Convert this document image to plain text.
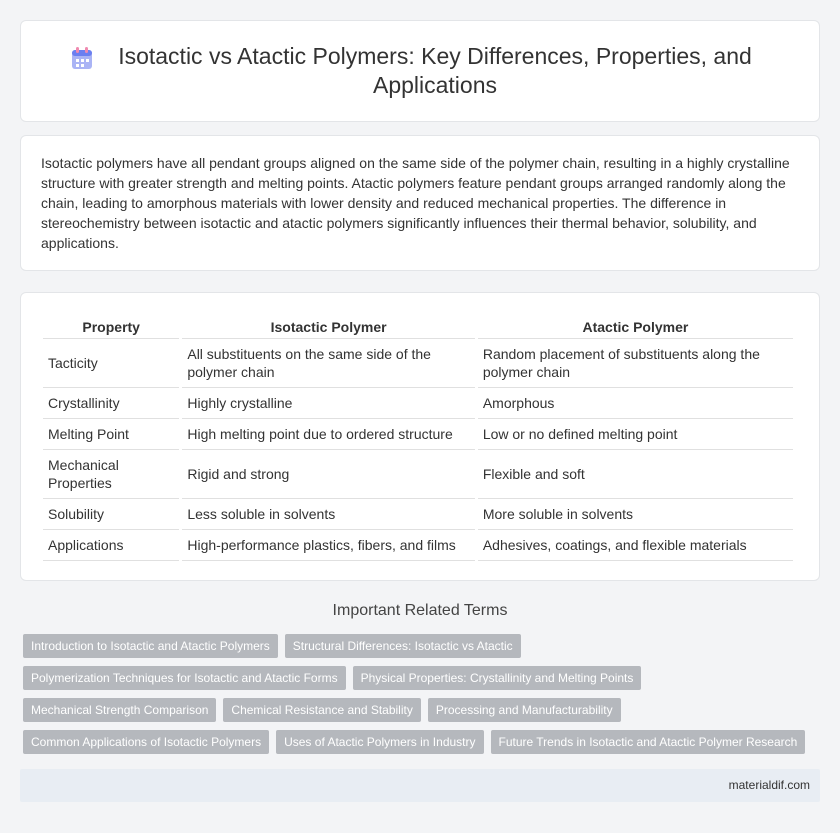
Isotactic vs Atactic Polymers: Key Differences, Properties, and Applications

Isotactic polymers have all pendant groups aligned on the same side of the polymer chain, resulting in a highly crystalline structure with greater strength and melting points. Atactic polymers feature pendant groups arranged randomly along the chain, leading to amorphous materials with lower density and reduced mechanical properties. The difference in stereochemistry between isotactic and atactic polymers significantly influences their thermal behavior, solubility, and applications.

Property	Isotactic Polymer	Atactic Polymer
Tacticity	All substituents on the same side of the polymer chain	Random placement of substituents along the polymer chain
Crystallinity	Highly crystalline	Amorphous
Melting Point	High melting point due to ordered structure	Low or no defined melting point
Mechanical Properties	Rigid and strong	Flexible and soft
Solubility	Less soluble in solvents	More soluble in solvents
Applications	High-performance plastics, fibers, and films	Adhesives, coatings, and flexible materials
Important Related Terms
Introduction to Isotactic and Atactic Polymers	Structural Differences: Isotactic vs Atactic
Polymerization Techniques for Isotactic and Atactic Forms	Physical Properties: Crystallinity and Melting Points
Mechanical Strength Comparison	Chemical Resistance and Stability	Processing and Manufacturability
Common Applications of Isotactic Polymers	Uses of Atactic Polymers in Industry	Future Trends in Isotactic and Atactic Polymer Research
materialdif.com
